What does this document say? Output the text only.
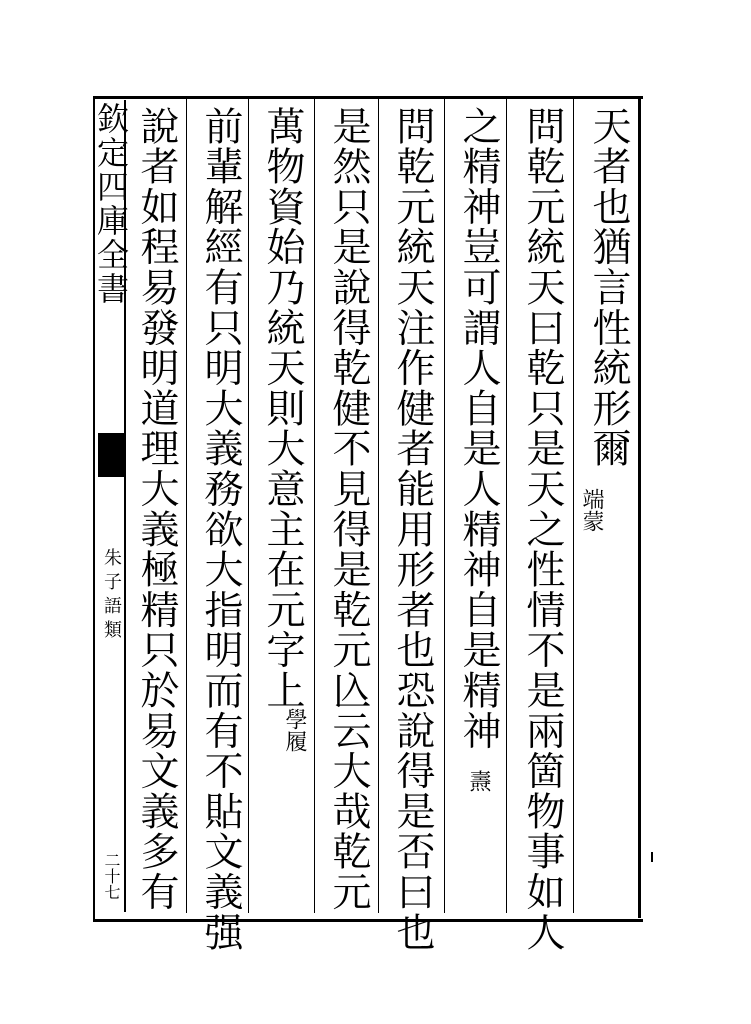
欽定四庫全書
朱子語類
二十七
天者也猶言性統形爾
端蒙
問乾元統天曰乾只是天之性情不是兩箇物事如人
之精神豈可謂人自是人精神自是精神
燾
問乾元統天注作健者能用形者也恐說得是否曰也
是然只是說得乾健不見得是乾元兦云大哉乾元
萬物資始乃統天則大意主在元字上
學履
前輩解經有只明大義務欲大指明而有不貼文義强
說者如程易發明道理大義極精只於易文義多有
